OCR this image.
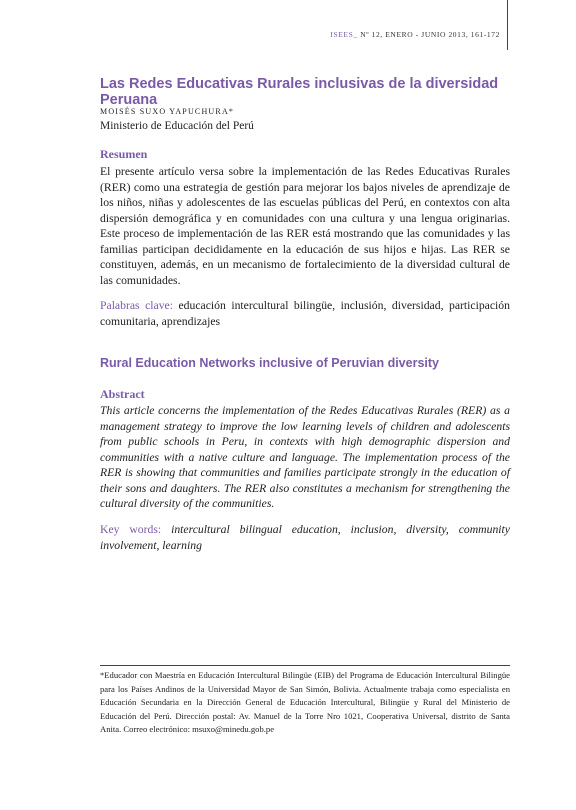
ISEES_ Nº 12, ENERO - JUNIO 2013, 161-172
Las Redes Educativas Rurales inclusivas de la diversidad Peruana
MOISÉS SUXO YAPUCHURA*
Ministerio de Educación del Perú
Resumen

El presente artículo versa sobre la implementación de las Redes Educativas Rurales (RER) como una estrategia de gestión para mejorar los bajos niveles de aprendizaje de los niños, niñas y adolescentes de las escuelas públicas del Perú, en contextos con alta dispersión demográfica y en comunidades con una cultura y una lengua originarias. Este proceso de implementación de las RER está mostrando que las comunidades y las familias participan decididamente en la educación de sus hijos e hijas. Las RER se constituyen, además, en un mecanismo de fortalecimiento de la diversidad cultural de las comunidades.

Palabras clave: educación intercultural bilingüe, inclusión, diversidad, participación comunitaria, aprendizajes

Rural Education Networks inclusive of Peruvian diversity
Abstract

This article concerns the implementation of the Redes Educativas Rurales (RER) as a management strategy to improve the low learning levels of children and adolescents from public schools in Peru, in contexts with high demographic dispersion and communities with a native culture and language. The implementation process of the RER is showing that communities and families participate strongly in the education of their sons and daughters. The RER also constitutes a mechanism for strengthening the cultural diversity of the communities.

Key words: intercultural bilingual education, inclusion, diversity, community involvement, learning

*Educador con Maestría en Educación Intercultural Bilingüe (EIB) del Programa de Educación Intercultural Bilingüe para los Países Andinos de la Universidad Mayor de San Simón, Bolivia. Actualmente trabaja como especialista en Educación Secundaria en la Dirección General de Educación Intercultural, Bilingüe y Rural del Ministerio de Educación del Perú. Dirección postal: Av. Manuel de la Torre Nro 1021, Cooperativa Universal, distrito de Santa Anita. Correo electrónico: msuxo@minedu.gob.pe
